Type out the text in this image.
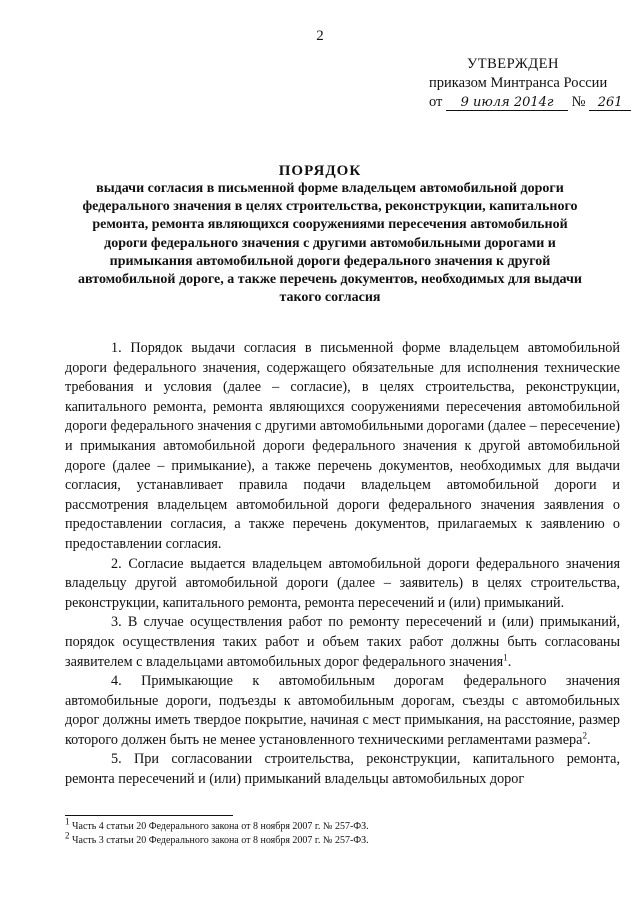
2
УТВЕРЖДЕН
приказом Минтранса России
от 9 июля 2014г № 261
ПОРЯДОК
выдачи согласия в письменной форме владельцем автомобильной дороги федерального значения в целях строительства, реконструкции, капитального ремонта, ремонта являющихся сооружениями пересечения автомобильной дороги федерального значения с другими автомобильными дорогами и примыкания автомобильной дороги федерального значения к другой автомобильной дороге, а также перечень документов, необходимых для выдачи такого согласия

1. Порядок выдачи согласия в письменной форме владельцем автомобильной дороги федерального значения, содержащего обязательные для исполнения технические требования и условия (далее – согласие), в целях строительства, реконструкции, капитального ремонта, ремонта являющихся сооружениями пересечения автомобильной дороги федерального значения с другими автомобильными дорогами (далее – пересечение) и примыкания автомобильной дороги федерального значения к другой автомобильной дороге (далее – примыкание), а также перечень документов, необходимых для выдачи согласия, устанавливает правила подачи владельцем автомобильной дороги и рассмотрения владельцем автомобильной дороги федерального значения заявления о предоставлении согласия, а также перечень документов, прилагаемых к заявлению о предоставлении согласия.

2. Согласие выдается владельцем автомобильной дороги федерального значения владельцу другой автомобильной дороги (далее – заявитель) в целях строительства, реконструкции, капитального ремонта, ремонта пересечений и (или) примыканий.

3. В случае осуществления работ по ремонту пересечений и (или) примыканий, порядок осуществления таких работ и объем таких работ должны быть согласованы заявителем с владельцами автомобильных дорог федерального значения$^1$.

4. Примыкающие к автомобильным дорогам федерального значения автомобильные дороги, подъезды к автомобильным дорогам, съезды с автомобильных дорог должны иметь твердое покрытие, начиная с мест примыкания, на расстояние, размер которого должен быть не менее установленного техническими регламентами размера$^2$.

5. При согласовании строительства, реконструкции, капитального ремонта, ремонта пересечений и (или) примыканий владельцы автомобильных дорог

$^1$ Часть 4 статьи 20 Федерального закона от 8 ноября 2007 г. № 257-ФЗ.
$^2$ Часть 3 статьи 20 Федерального закона от 8 ноября 2007 г. № 257-ФЗ.
